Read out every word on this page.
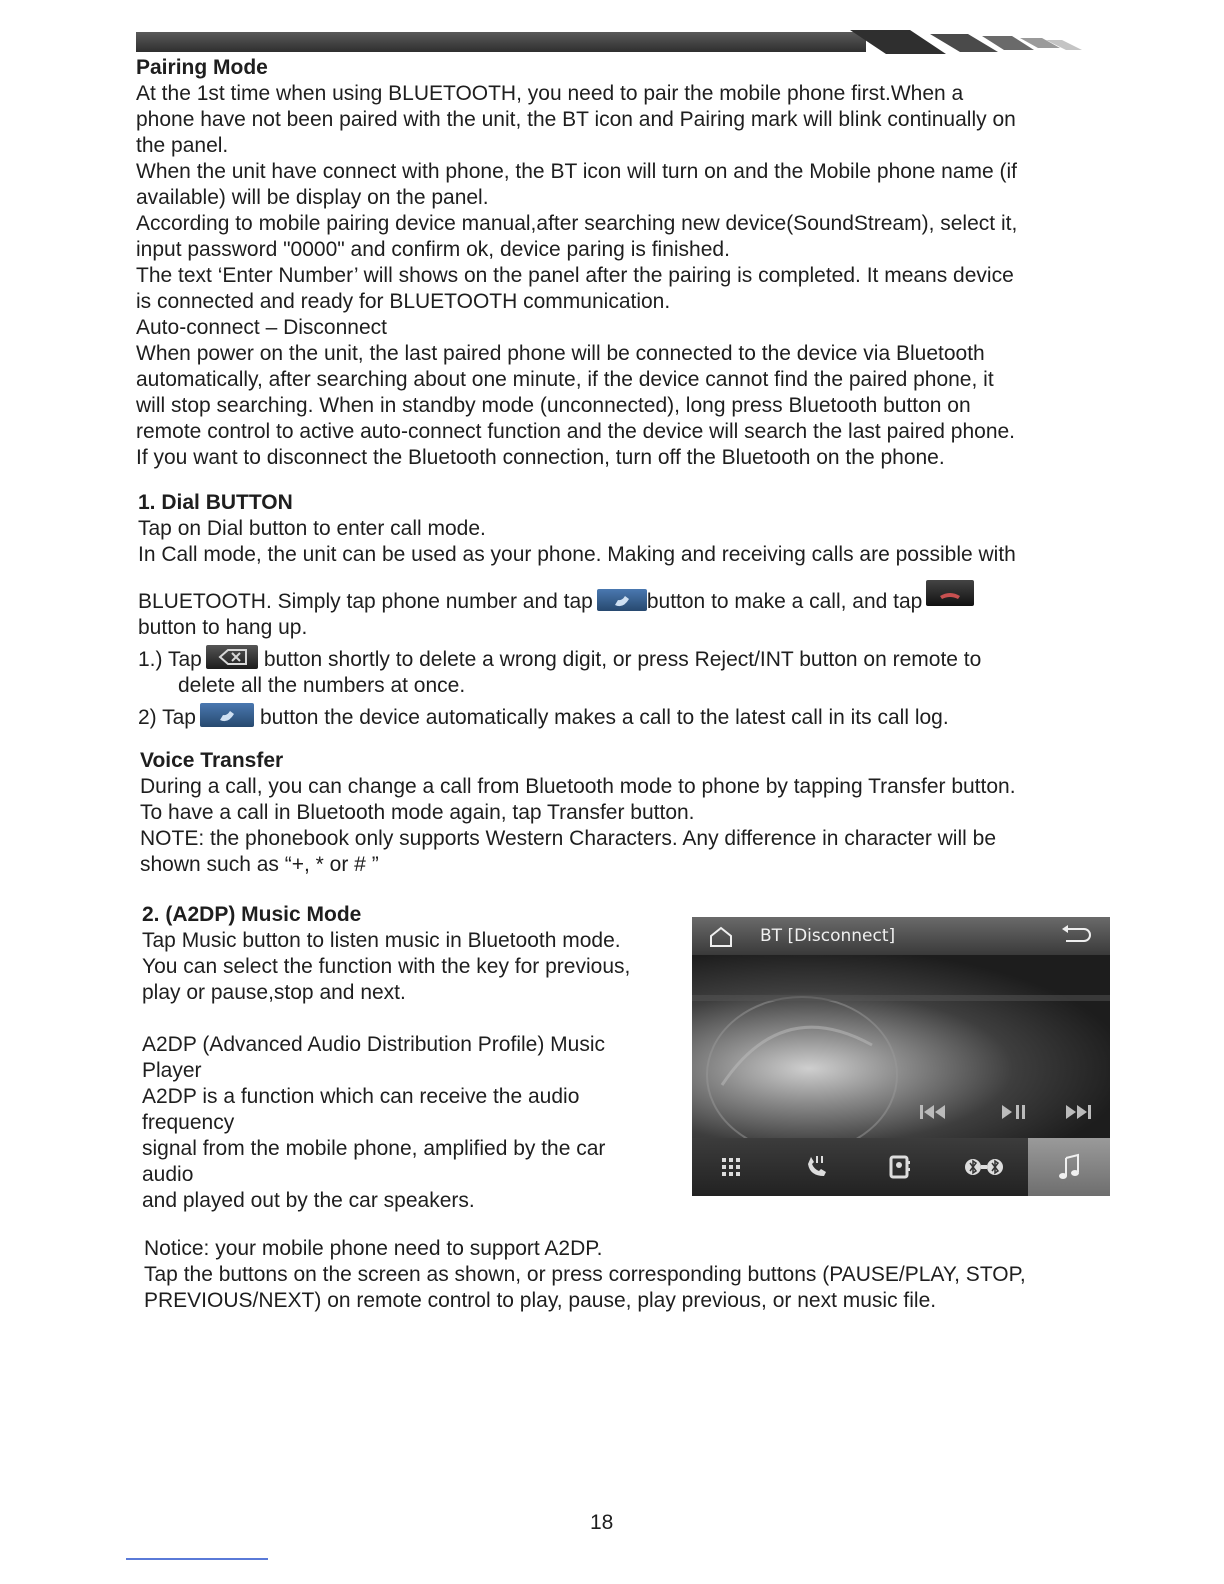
Pairing Mode
At the 1st time when using BLUETOOTH, you need to pair the mobile phone first.When a
phone have not been paired with the unit, the BT icon and Pairing mark will blink continually on
the panel.
When the unit have connect with phone, the BT icon will turn on and the Mobile phone name (if
available) will be display on the panel.
According to mobile pairing device manual,after searching new device(SoundStream), select it,
input password "0000" and confirm ok, device paring is finished.
The text ‘Enter Number’ will shows on the panel after the pairing is completed. It means device
is connected and ready for BLUETOOTH communication.
Auto-connect – Disconnect
When power on the unit, the last paired phone will be connected to the device via Bluetooth
automatically, after searching about one minute, if the device cannot find the paired phone, it
will stop searching. When in standby mode (unconnected), long press Bluetooth button on
remote control to active auto-connect function and the device will search the last paired phone.
If you want to disconnect the Bluetooth connection, turn off the Bluetooth on the phone.
1. Dial BUTTON
Tap on Dial button to enter call mode.
In Call mode, the unit can be used as your phone. Making and receiving calls are possible with
BLUETOOTH. Simply tap phone number and tap	button to make a call, and tap
button to hang up.
1.) Tap	button shortly to delete a wrong digit, or press Reject/INT button on remote to
delete all the numbers at once.
2) Tap	button the device automatically makes a call to the latest call in its call log.
Voice Transfer
During a call, you can change a call from Bluetooth mode to phone by tapping Transfer button.
To have a call in Bluetooth mode again, tap Transfer button.
NOTE: the phonebook only supports Western Characters. Any difference in character will be
shown such as “+, * or # ”
2. (A2DP) Music Mode
Tap Music button to listen music in Bluetooth mode.
You can select the function with the key for previous,
play or pause,stop and next.
A2DP (Advanced Audio Distribution Profile) Music
Player
A2DP is a function which can receive the audio
frequency
signal from the mobile phone, amplified by the car
audio
and played out by the car speakers.
Notice: your mobile phone need to support A2DP.
Tap the buttons on the screen as shown, or press corresponding buttons (PAUSE/PLAY, STOP,
PREVIOUS/NEXT) on remote control to play, pause, play previous, or next music file.
BT [Disconnect]
18
